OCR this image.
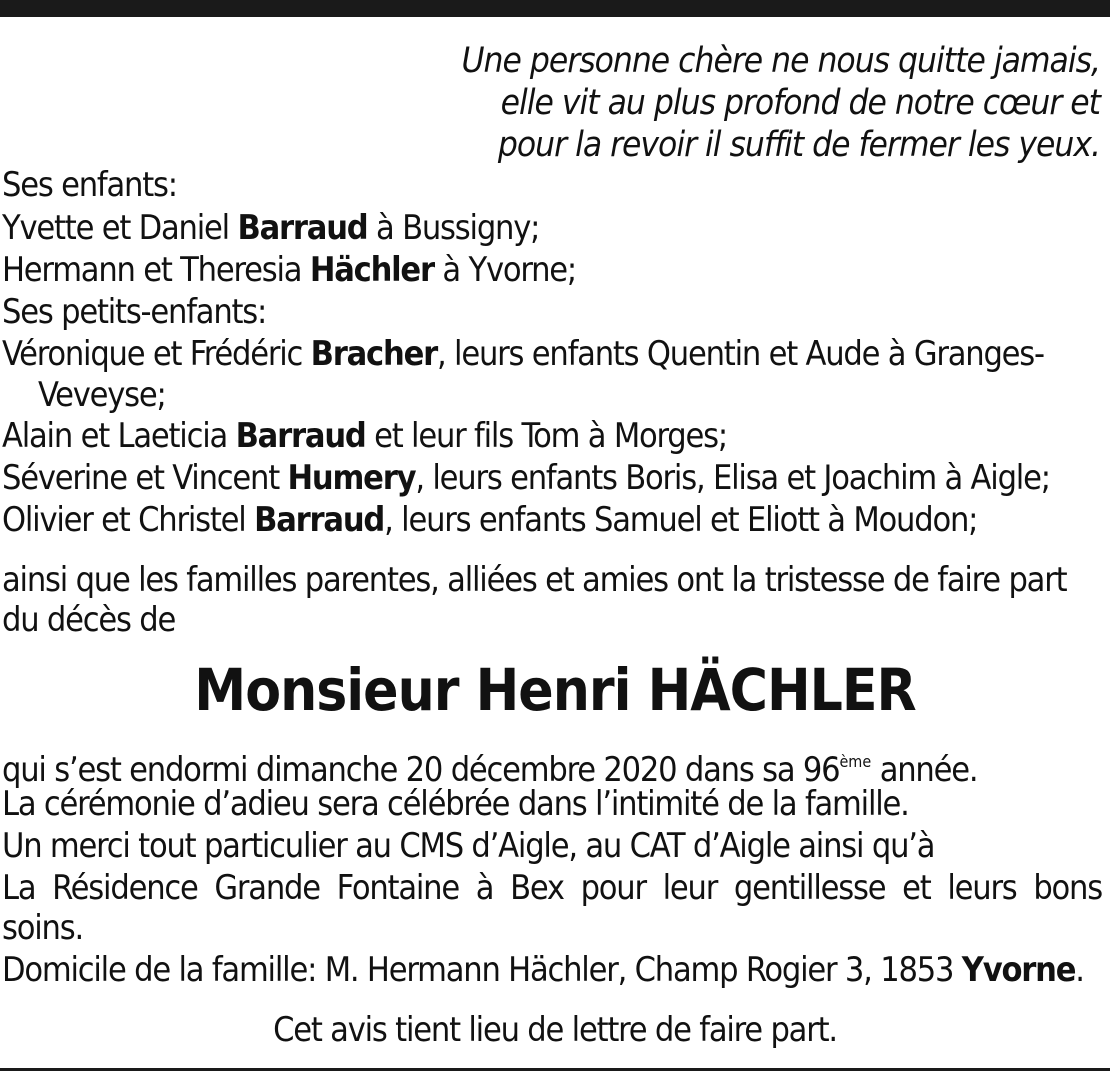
Une personne chère ne nous quitte jamais,
elle vit au plus profond de notre cœur et
pour la revoir il suffit de fermer les yeux.
Ses enfants:
Yvette et Daniel Barraud à Bussigny;
Hermann et Theresia Hächler à Yvorne;
Ses petits-enfants:
Véronique et Frédéric Bracher, leurs enfants Quentin et Aude à Granges-
Veveyse;
Alain et Laeticia Barraud et leur fils Tom à Morges;
Séverine et Vincent Humery, leurs enfants Boris, Elisa et Joachim à Aigle;
Olivier et Christel Barraud, leurs enfants Samuel et Eliott à Moudon;
ainsi que les familles parentes, alliées et amies ont la tristesse de faire part
du décès de
Monsieur Henri HÄCHLER
qui s’est endormi dimanche 20 décembre 2020 dans sa 96ème année.
La cérémonie d’adieu sera célébrée dans l’intimité de la famille.
Un merci tout particulier au CMS d’Aigle, au CAT d’Aigle ainsi qu’à
La Résidence Grande Fontaine à Bex pour leur gentillesse et leurs bons
soins.
Domicile de la famille: M. Hermann Hächler, Champ Rogier 3, 1853 Yvorne.
Cet avis tient lieu de lettre de faire part.
